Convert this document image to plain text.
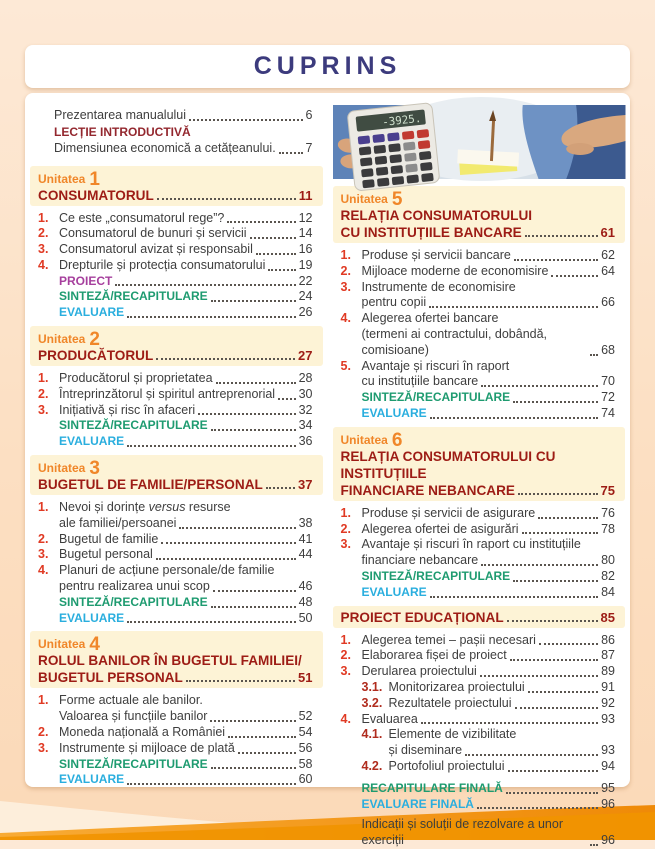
CUPRINS
Prezentarea manualului	6
LECȚIE INTRODUCTIVĂ
Dimensiunea economică a cetățeanului. 7
Unitatea 1
CONSUMATORUL	11
1. Ce este „consumatorul rege”?	12
2. Consumatorul de bunuri și servicii	14
3. Consumatorul avizat și responsabil	16
4. Drepturile și protecția consumatorului	19
PROIECT	22
SINTEZĂ/RECAPITULARE	24
EVALUARE	26
Unitatea 2
PRODUCĂTORUL	27
1. Producătorul și proprietatea	28
2. Întreprinzătorul și spiritul antreprenorial 30
3. Inițiativă și risc în afaceri	32
SINTEZĂ/RECAPITULARE	34
EVALUARE	36
Unitatea 3
BUGETUL DE FAMILIE/PERSONAL	37
1. Nevoi și dorințe versus resurse
ale familiei/persoanei	38
2. Bugetul de familie	41
3. Bugetul personal	44
4. Planuri de acțiune personale/de familie
pentru realizarea unui scop	46
SINTEZĂ/RECAPITULARE	48
EVALUARE	50
Unitatea 4
ROLUL BANILOR ÎN BUGETUL FAMILIEI/
BUGETUL PERSONAL	51
1. Forme actuale ale banilor.
Valoarea și funcțiile banilor	52
2. Moneda națională a României	54
3. Instrumente și mijloace de plată	56
SINTEZĂ/RECAPITULARE	58
EVALUARE	60
-3925.
Unitatea 5
RELAȚIA CONSUMATORULUI
CU INSTITUȚIILE BANCARE	61
1. Produse și servicii bancare	62
2. Mijloace moderne de economisire	64
3. Instrumente de economisire
pentru copii	66
4. Alegerea ofertei bancare
(termeni ai contractului, dobândă, comisioane)	68
5. Avantaje și riscuri în raport
cu instituțiile bancare	70
SINTEZĂ/RECAPITULARE	72
EVALUARE	74
Unitatea 6
RELAȚIA CONSUMATORULUI CU INSTITUȚIILE
FINANCIARE NEBANCARE	75
1. Produse și servicii de asigurare	76
2. Alegerea ofertei de asigurări	78
3. Avantaje și riscuri în raport cu instituțiile
financiare nebancare	80
SINTEZĂ/RECAPITULARE	82
EVALUARE	84
PROIECT EDUCAȚIONAL	85
1. Alegerea temei – pașii necesari	86
2. Elaborarea fișei de proiect	87
3. Derularea proiectului	89
3.1. Monitorizarea proiectului	91
3.2. Rezultatele proiectului	92
4. Evaluarea	93
4.1. Elemente de vizibilitate
și diseminare	93
4.2. Portofoliul proiectului	94
RECAPITULARE FINALĂ	95
EVALUARE FINALĂ	96
Indicații și soluții de rezolvare a unor exerciții	96
